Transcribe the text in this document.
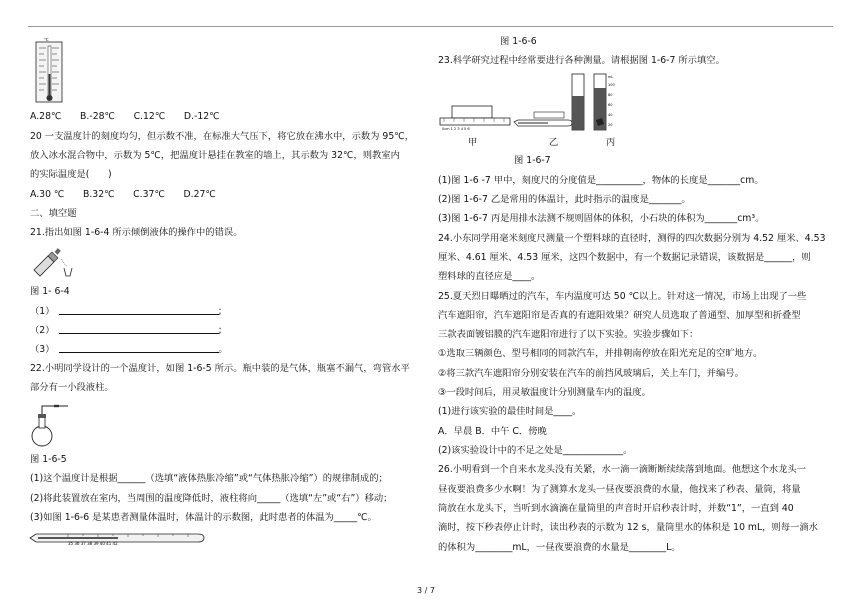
℃
A.28℃　　B.-28℃　　C.12℃　　D.-12℃
20 一支温度计的刻度均匀，但示数不准，在标准大气压下，将它放在沸水中，示数为 95℃，
放入冰水混合物中，示数为 5℃，把温度计悬挂在教室的墙上，其示数为 32℃，则教室内
的实际温度是(　　)
A.30 ℃　　B.32℃　　C.37℃　　D.27℃
二、填空题
21.指出如图 1-6-4 所示倾倒液体的操作中的错误。
图 1- 6-4
（1）	;
（2）	;
（3）	。
22.小明同学设计的一个温度计，如图 1-6-5 所示。瓶中装的是气体，瓶塞不漏气，弯管水平
部分有一小段液柱。
图 1-6-5
(1)这个温度计是根据______（选填“液体热胀冷缩”或“气体热胀冷缩”）的规律制成的；
(2)将此装置放在室内，当周围的温度降低时，液柱将向_____（选填“左”或“右”）移动；
(3)如图 1-6-6 是某患者测量体温时，体温计的示数图，此时患者的体温为_____℃。
35 36 37 38 39 40 41 42
图 1-6-6
23.科学研究过程中经常要进行各种测量。请根据图 1-6-7 所示填空。
0cm 1 2 3 4 5 6
mL
100
80
60
40
20
甲	乙	丙
图 1-6-7
(1)图 1-6 -7 甲中，刻度尺的分度值是__________，物体的长度是_______cm。
(2)图 1-6-7 乙是常用的体温计，此时指示的温度是_______。
(3)图 1-6-7 丙是用排水法测不规则固体的体积，小石块的体积为_______cm³。
24.小东同学用毫米刻度尺测量一个塑料球的直径时，测得的四次数据分别为 4.52 厘米、4.53
厘米、4.61 厘米、4.53 厘米，这四个数据中，有一个数据记录错误，该数据是______，则
塑料球的直径应是____。
25.夏天烈日曝晒过的汽车，车内温度可达 50 ℃以上。针对这一情况，市场上出现了一些
汽车遮阳帘，汽车遮阳帘是否真的有遮阳效果？研究人员选取了普通型、加厚型和折叠型
三款表面镀铝膜的汽车遮阳帘进行了以下实验。实验步骤如下：
①选取三辆颜色、型号相同的同款汽车，并排朝南停放在阳光充足的空旷地方。
②将三款汽车遮阳帘分别安装在汽车的前挡风玻璃后，关上车门，并编号。
③一段时间后，用灵敏温度计分别测量车内的温度。
(1)进行该实验的最佳时间是____。
A．早晨 B．中午 C．傍晚
(2)该实验设计中的不足之处是_____________。
26.小明看到一个自来水龙头没有关紧，水一滴一滴断断续续落到地面。他想这个水龙头一
昼夜要浪费多少水啊！为了测算水龙头一昼夜要浪费的水量，他找来了秒表、量筒，将量
筒放在水龙头下，当听到水滴滴在量筒里的声音时开启秒表计时，并数“1”，一直到 40
滴时，按下秒表停止计时，读出秒表的示数为 12 s，量筒里水的体积是 10 mL，则每一滴水
的体积为________mL，一昼夜要浪费的水量是________L。
3 / 7
